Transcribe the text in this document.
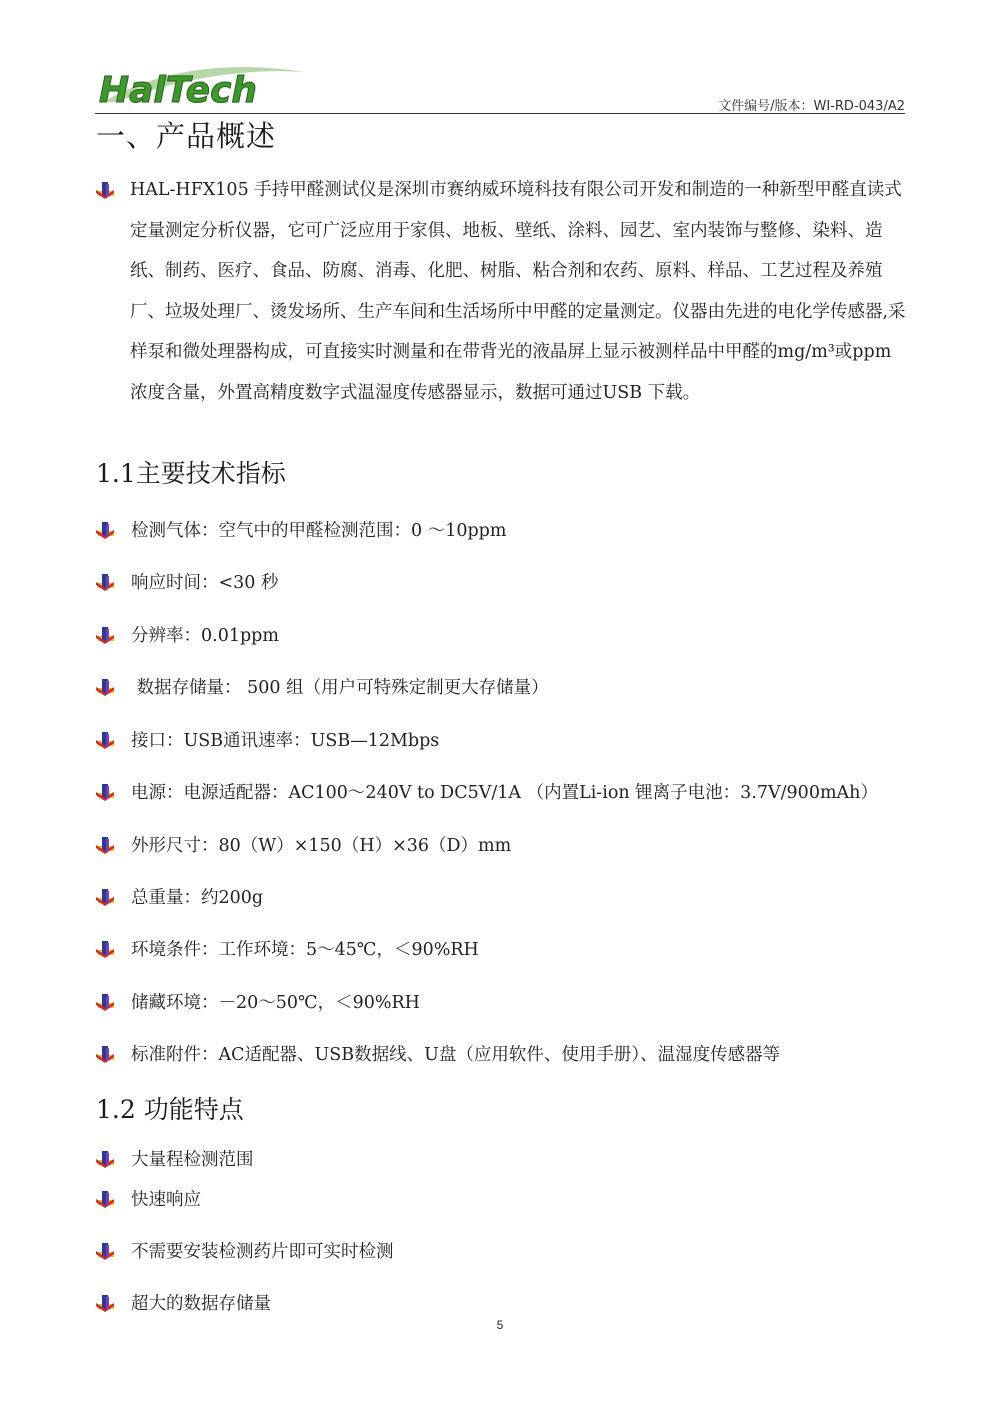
HalTech	文件编号/版本：WI-RD-043/A2
一、产品概述
HAL-HFX105 手持甲醛测试仪是深圳市赛纳威环境科技有限公司开发和制造的一种新型甲醛直读式定量测定分析仪器，它可广泛应用于家俱、地板、壁纸、涂料、园艺、室内装饰与整修、染料、造纸、制药、医疗、食品、防腐、消毒、化肥、树脂、粘合剂和农药、原料、样品、工艺过程及养殖厂、垃圾处理厂、烫发场所、生产车间和生活场所中甲醛的定量测定。仪器由先进的电化学传感器,采样泵和微处理器构成，可直接实时测量和在带背光的液晶屏上显示被测样品中甲醛的mg/m³或ppm 浓度含量，外置高精度数字式温湿度传感器显示，数据可通过USB 下载。
1.1主要技术指标
检测气体：空气中的甲醛检测范围：0 ～10ppm
响应时间：<30 秒
分辨率：0.01ppm
数据存储量： 500 组（用户可特殊定制更大存储量）
接口：USB通讯速率：USB—12Mbps
电源：电源适配器：AC100～240V to DC5V/1A （内置Li-ion 锂离子电池：3.7V/900mAh）
外形尺寸：80（W）×150（H）×36（D）mm
总重量：约200g
环境条件：工作环境：5～45℃，＜90%RH
储藏环境：－20～50℃，＜90%RH
标准附件：AC适配器、USB数据线、U盘（应用软件、使用手册）、温湿度传感器等
1.2 功能特点
大量程检测范围
快速响应
不需要安装检测药片即可实时检测
超大的数据存储量
5
